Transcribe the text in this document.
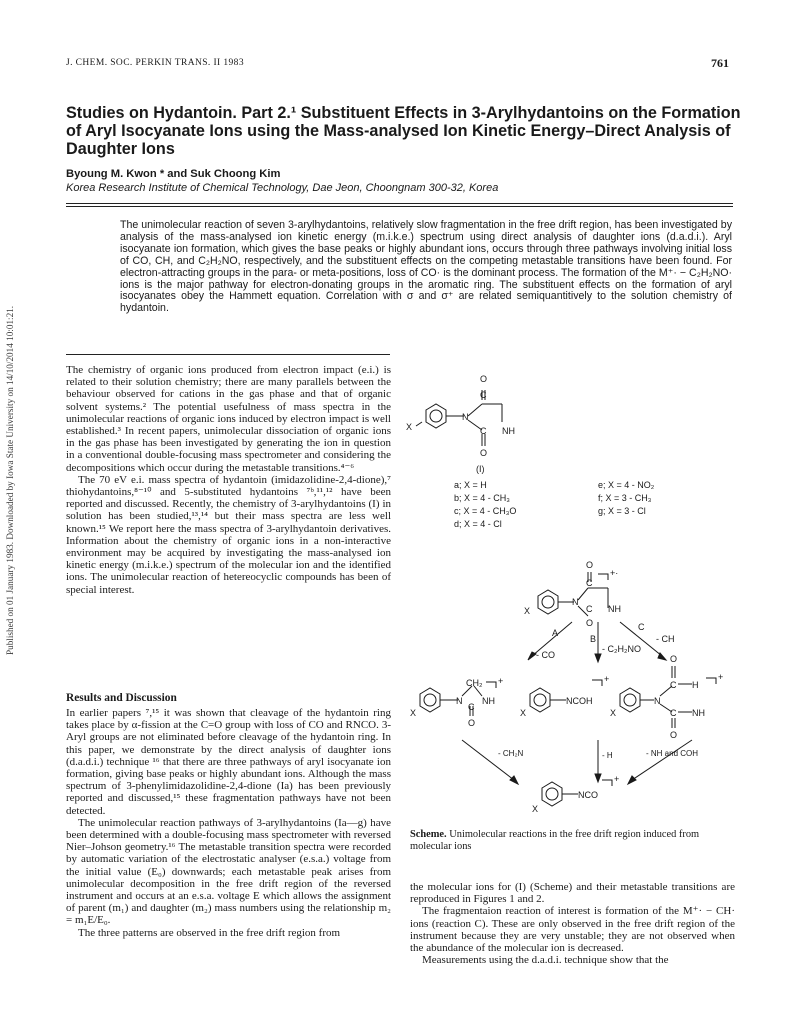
Published on 01 January 1983. Downloaded by Iowa State University on 14/10/2014 10:01:21.
J. CHEM. SOC. PERKIN TRANS. II 1983	761
Studies on Hydantoin. Part 2.¹ Substituent Effects in 3-Arylhydantoins on the Formation of Aryl Isocyanate Ions using the Mass-analysed Ion Kinetic Energy–Direct Analysis of Daughter Ions
Byoung M. Kwon * and Suk Choong Kim
Korea Research Institute of Chemical Technology, Dae Jeon, Choongnam 300-32, Korea

The unimolecular reaction of seven 3-arylhydantoins, relatively slow fragmentation in the free drift region, has been investigated by analysis of the mass-analysed ion kinetic energy (m.i.k.e.) spectrum using direct analysis of daughter ions (d.a.d.i.). Aryl isocyanate ion formation, which gives the base peaks or highly abundant ions, occurs through three pathways involving initial loss of CO, CH, and C₂H₂NO, respectively, and the substituent effects on the competing metastable transitions have been found. For electron-attracting groups in the para- or meta-positions, loss of CO· is the dominant process. The formation of the M⁺· − C₂H₂NO· ions is the major pathway for electron-donating groups in the aromatic ring. The substituent effects on the formation of aryl isocyanates obey the Hammett equation. Correlation with σ and σ⁺ are related semiquantitively to the solution chemistry of hydantoin.

The chemistry of organic ions produced from electron impact (e.i.) is related to their solution chemistry; there are many parallels between the behaviour observed for cations in the gas phase and that of organic solvent systems.² The potential usefulness of mass spectra in the unimolecular reactions of organic ions induced by electron impact is well established.³ In recent papers, unimolecular dissociation of organic ions in the gas phase has been investigated by generating the ion in question in a conventional double-focusing mass spectrometer and considering the decompositions which occur during the metastable transitions.⁴⁻⁶

The 70 eV e.i. mass spectra of hydantoin (imidazolidine-2,4-dione),⁷ thiohydantoins,⁸⁻¹⁰ and 5-substituted hydantoins ⁷ᵇ,¹¹,¹² have been reported and discussed. Recently, the chemistry of 3-arylhydantoins (I) in solution has been studied,¹³,¹⁴ but their mass spectra are less well known.¹⁵ We report here the mass spectra of 3-arylhydantoin derivatives. Information about the chemistry of organic ions in a non-interactive environment may be acquired by investigating the mass-analysed ion kinetic energy (m.i.k.e.) spectrum of the molecular ion and the identified ions. The unimolecular reaction of hetereocyclic compounds has been of special interest.

Results and Discussion

In earlier papers ⁷,¹⁵ it was shown that cleavage of the hydantoin ring takes place by α-fission at the C=O group with loss of CO and RNCO. 3-Aryl groups are not eliminated before cleavage of the hydantoin ring. In this paper, we demonstrate by the direct analysis of daughter ions (d.a.d.i.) technique ¹⁶ that there are three pathways of aryl isocyanate ion formation, giving base peaks or highly abundant ions. Although the mass spectrum of 3-phenylimidazolidine-2,4-dione (Ia) has been previously reported and discussed,¹⁵ these fragmentation pathways have not been detected.

The unimolecular reaction pathways of 3-arylhydantoins (Ia—g) have been determined with a double-focusing mass spectrometer with reversed Nier–Johson geometry.¹⁶ The metastable transition spectra were recorded by automatic variation of the electrostatic analyser (e.s.a.) voltage from the initial value (E₀) downwards; each metastable peak arises from unimolecular decomposition in the free drift region of the reversed instrument and occurs at an e.s.a. voltage E which allows the assignment of parent (m₁) and daughter (m₂) mass numbers using the relationship m₂ = m₁E/E₀.

The three patterns are observed in the free drift region from

O
C
N
X	C NH
O
(I)
a; X = H
b; X = 4 - CH₃
c; X = 4 - CH₃O
d; X = 4 - Cl
e; X = 4 - NO₂
f; X = 3 - CH₃
g; X = 3 - Cl
O
C
+·
N
X	C NH
O
A
B
C
- CO
- C₂H₂NO
- CH
CH₂ +
N NH
X
C
O
NCOH
+
X
O
C H
+
N
X	C NH
O
- CH₂N	- H	- NH and COH
NCO
+
X
Scheme. Unimolecular reactions in the free drift region induced from molecular ions

the molecular ions for (I) (Scheme) and their metastable transitions are reproduced in Figures 1 and 2.

The fragmentaion reaction of interest is formation of the M⁺· − CH· ions (reaction C). These are only observed in the free drift region of the instrument because they are very unstable; they are not observed when the abundance of the molecular ion is decreased.

Measurements using the d.a.d.i. technique show that the
